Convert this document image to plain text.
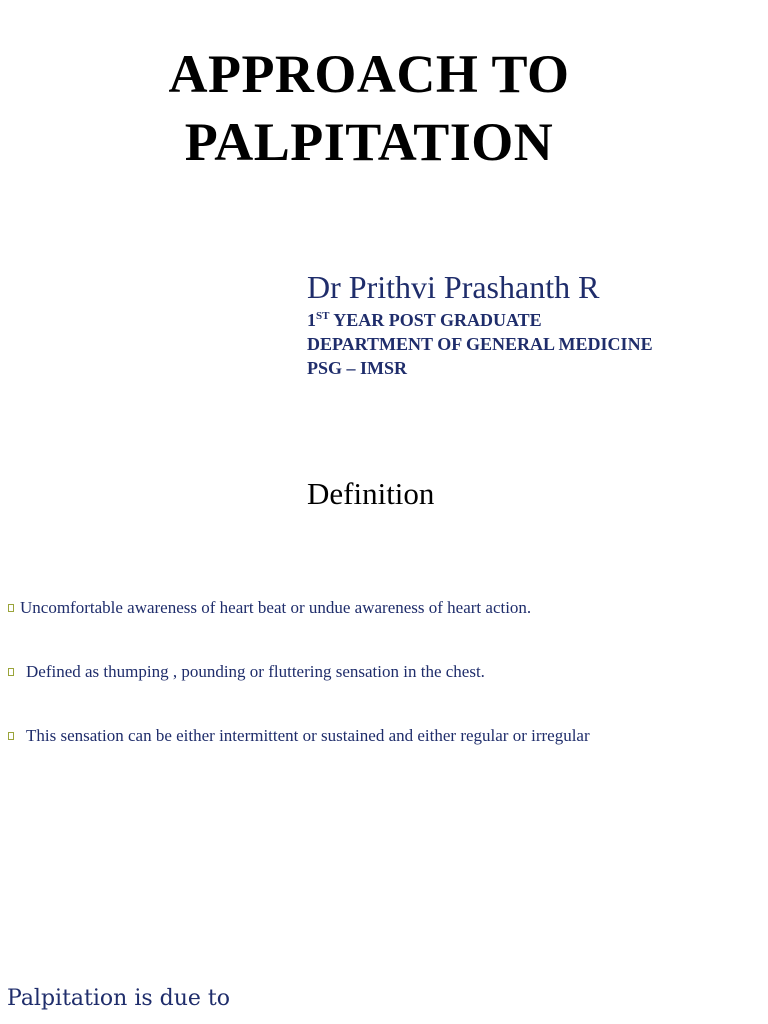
APPROACH TO
PALPITATION
Dr Prithvi Prashanth R
1ST YEAR POST GRADUATE
DEPARTMENT OF GENERAL MEDICINE
PSG – IMSR
Definition
Uncomfortable awareness of heart beat or undue awareness of heart action.
Defined as thumping , pounding or fluttering sensation in the chest.
This sensation can be either intermittent or sustained and either regular or irregular
Palpitation is due to
